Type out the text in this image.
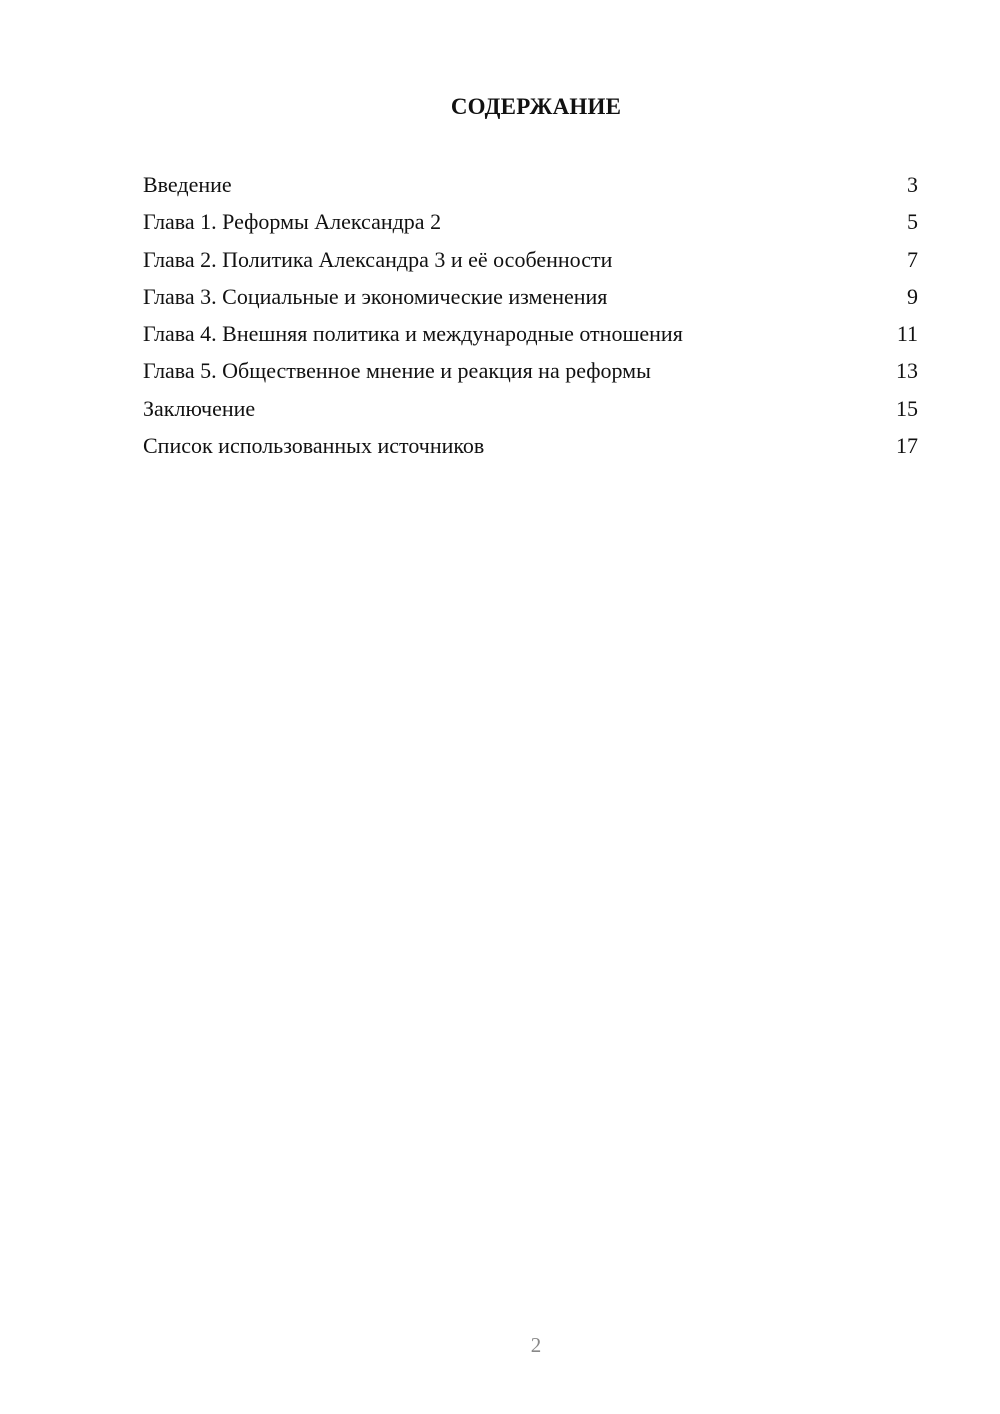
СОДЕРЖАНИЕ
Введение	3
Глава 1. Реформы Александра 2	5
Глава 2. Политика Александра 3 и её особенности	7
Глава 3. Социальные и экономические изменения	9
Глава 4. Внешняя политика и международные отношения	11
Глава 5. Общественное мнение и реакция на реформы	13
Заключение	15
Список использованных источников	17
2
